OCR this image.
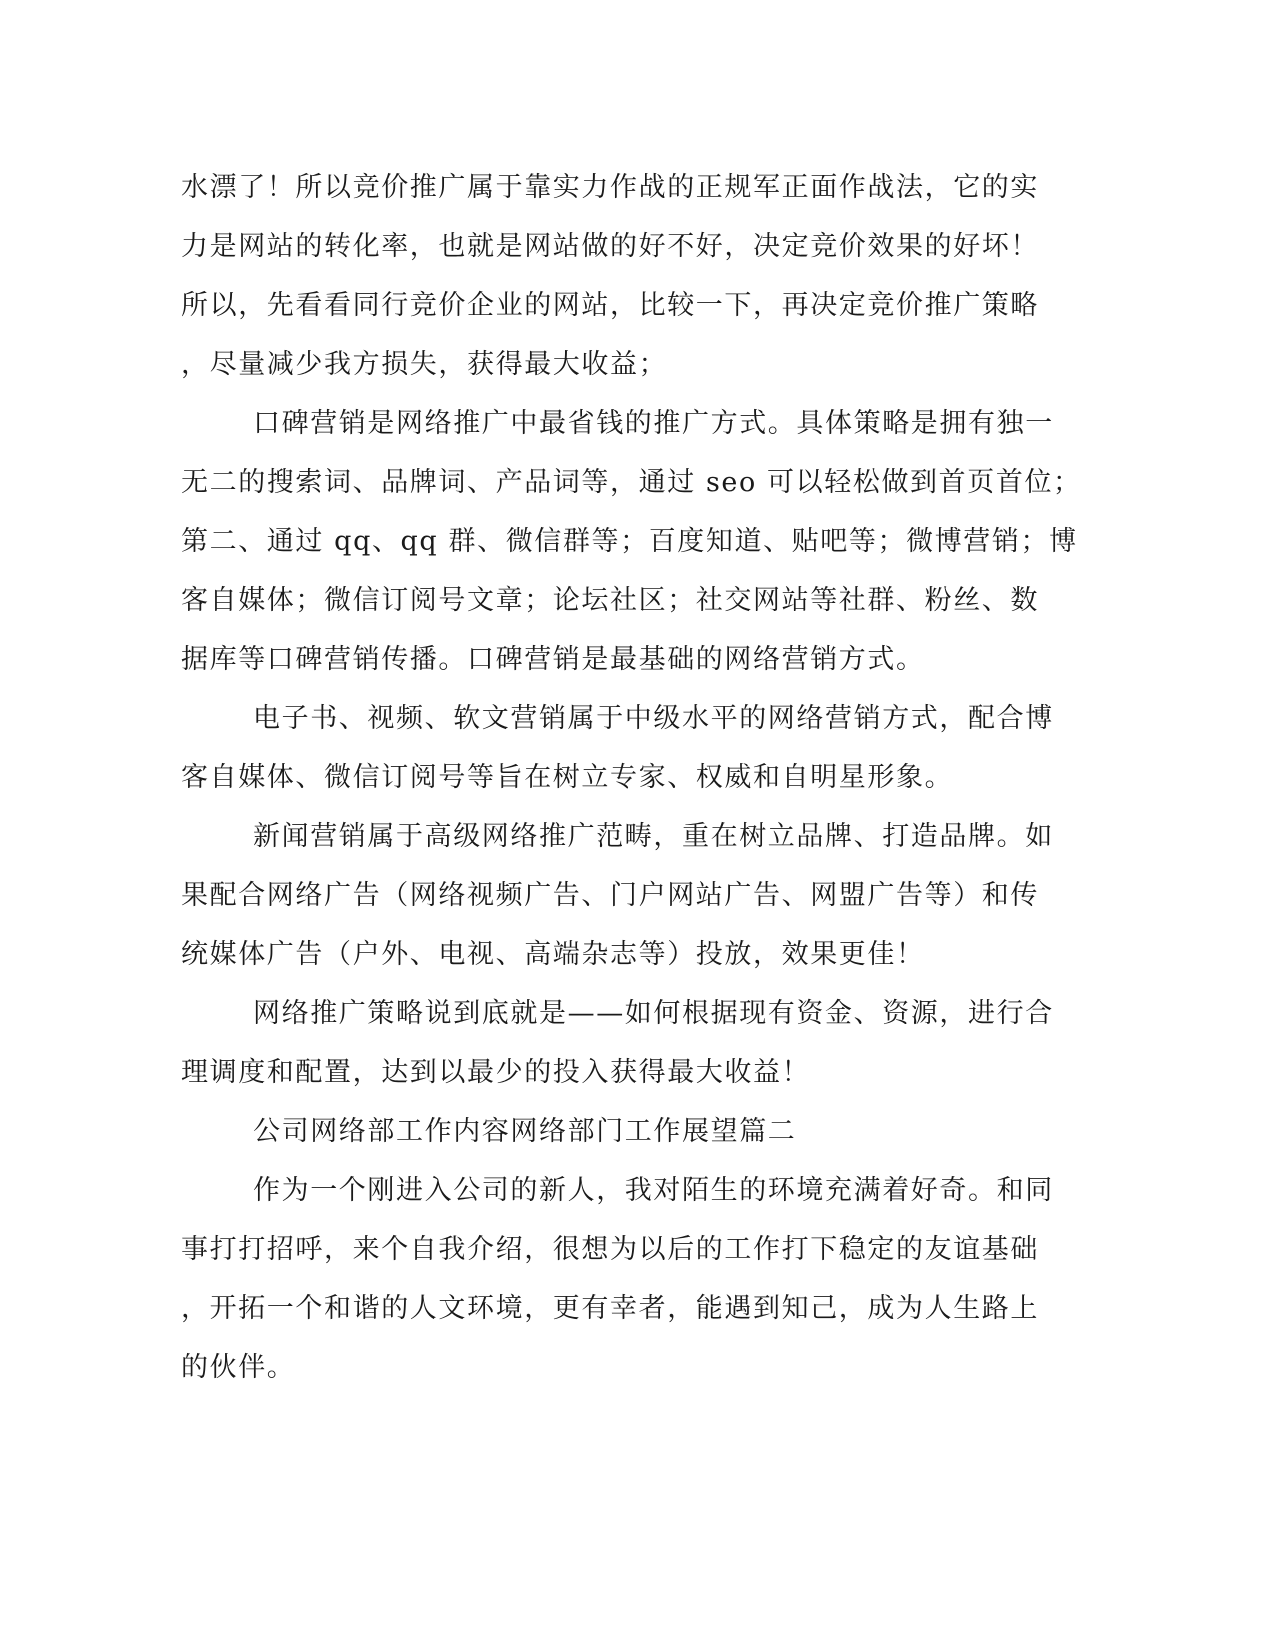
水漂了！所以竞价推广属于靠实力作战的正规军正面作战法，它的实
力是网站的转化率，也就是网站做的好不好，决定竞价效果的好坏！
所以，先看看同行竞价企业的网站，比较一下，再决定竞价推广策略
，尽量减少我方损失，获得最大收益；
口碑营销是网络推广中最省钱的推广方式。具体策略是拥有独一
无二的搜索词、品牌词、产品词等，通过 seo 可以轻松做到首页首位；
第二、通过 qq、qq 群、微信群等；百度知道、贴吧等；微博营销；博
客自媒体；微信订阅号文章；论坛社区；社交网站等社群、粉丝、数
据库等口碑营销传播。口碑营销是最基础的网络营销方式。
电子书、视频、软文营销属于中级水平的网络营销方式，配合博
客自媒体、微信订阅号等旨在树立专家、权威和自明星形象。
新闻营销属于高级网络推广范畴，重在树立品牌、打造品牌。如
果配合网络广告（网络视频广告、门户网站广告、网盟广告等）和传
统媒体广告（户外、电视、高端杂志等）投放，效果更佳！
网络推广策略说到底就是——如何根据现有资金、资源，进行合
理调度和配置，达到以最少的投入获得最大收益！
公司网络部工作内容网络部门工作展望篇二
作为一个刚进入公司的新人，我对陌生的环境充满着好奇。和同
事打打招呼，来个自我介绍，很想为以后的工作打下稳定的友谊基础
，开拓一个和谐的人文环境，更有幸者，能遇到知己，成为人生路上
的伙伴。
